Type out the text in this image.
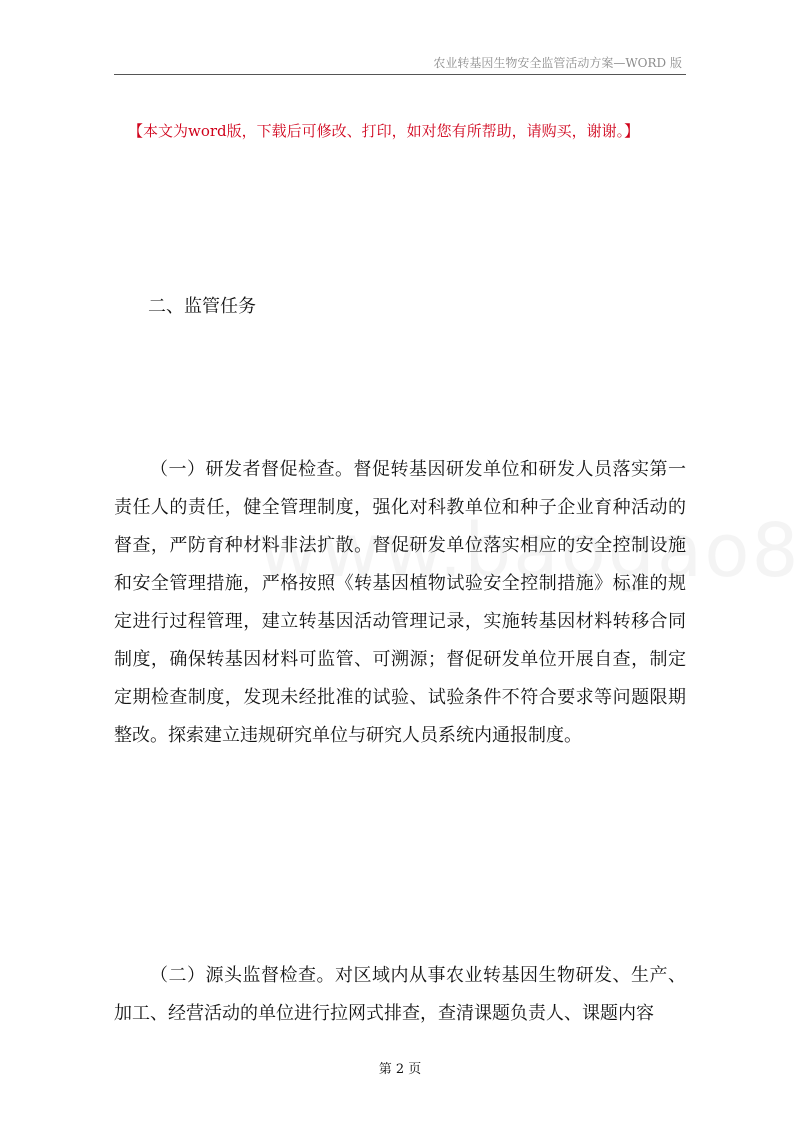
农业转基因生物安全监管活动方案—WORD 版
【本文为word版，下载后可修改、打印，如对您有所帮助，请购买，谢谢。】
二、监管任务

（一）研发者督促检查。督促转基因研发单位和研发人员落实第一责任人的责任，健全管理制度，强化对科教单位和种子企业育种活动的督查，严防育种材料非法扩散。督促研发单位落实相应的安全控制设施和安全管理措施，严格按照《转基因植物试验安全控制措施》标准的规定进行过程管理，建立转基因活动管理记录，实施转基因材料转移合同制度，确保转基因材料可监管、可溯源；督促研发单位开展自查，制定定期检查制度，发现未经批准的试验、试验条件不符合要求等问题限期整改。探索建立违规研究单位与研究人员系统内通报制度。

（二）源头监督检查。对区域内从事农业转基因生物研发、生产、加工、经营活动的单位进行拉网式排查，查清课题负责人、课题内容

第 2 页
